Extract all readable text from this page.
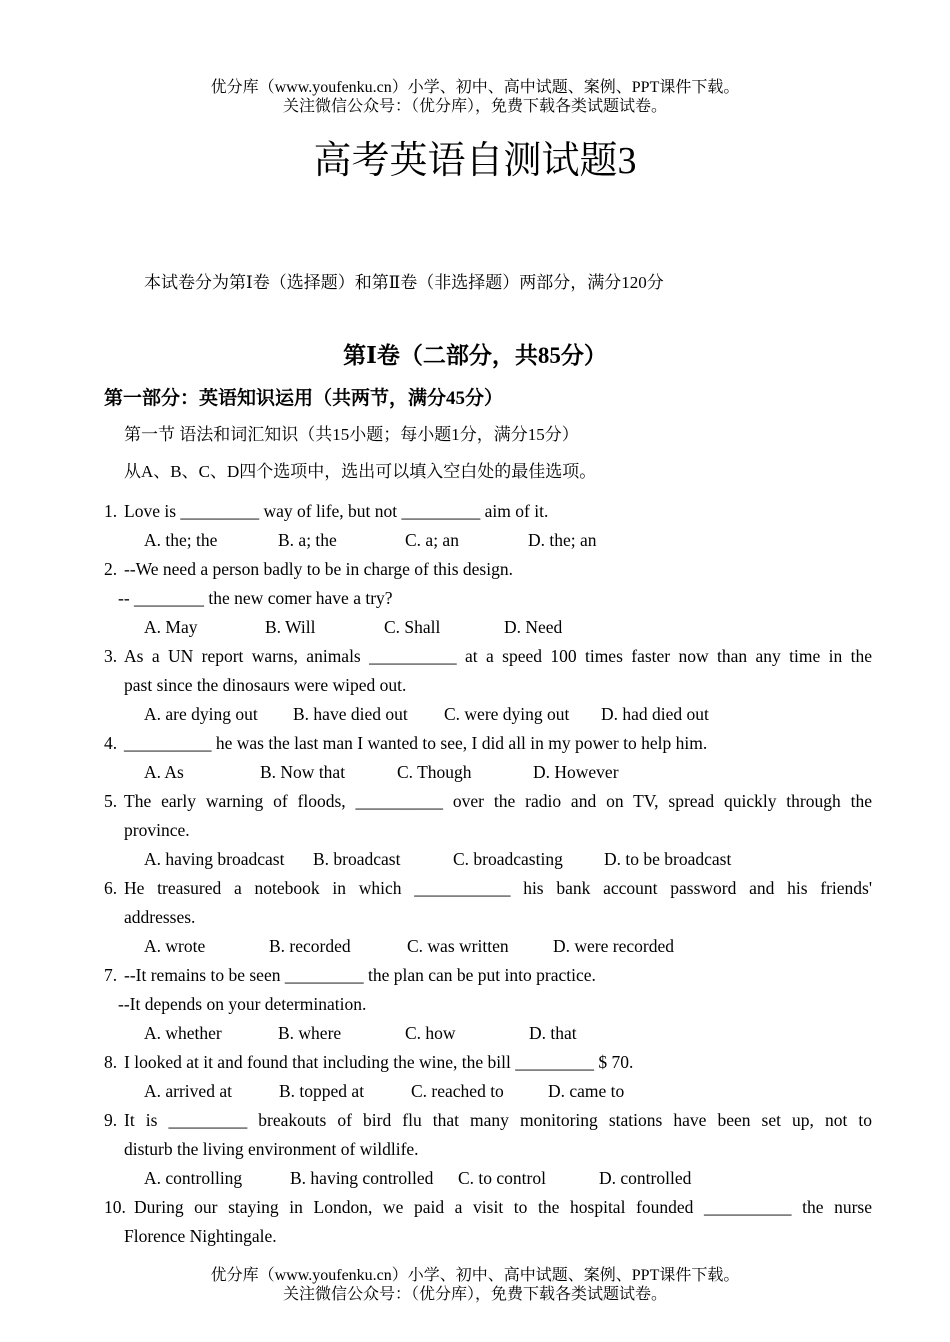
优分库（www.youfenku.cn）小学、初中、高中试题、案例、PPT课件下载。
关注微信公众号：（优分库），免费下载各类试题试卷。
高考英语自测试题3
本试卷分为第Ⅰ卷（选择题）和第Ⅱ卷（非选择题）两部分，满分120分
第Ⅰ卷（二部分，共85分）
第一部分：英语知识运用（共两节，满分45分）
第一节 语法和词汇知识（共15小题；每小题1分，满分15分）
从A、B、C、D四个选项中，选出可以填入空白处的最佳选项。
1. Love is _________ way of life, but not _________ aim of it.
A. the; the	B. a; the	C. a; an	D. the; an
2. --We need a person badly to be in charge of this design.
-- ________ the new comer have a try?
A. May	B. Will	C. Shall	D. Need
3. As a UN report warns, animals __________ at a speed 100 times faster now than any time in the
past since the dinosaurs were wiped out.
A. are dying out B. have died out C. were dying out D. had died out
4. __________ he was the last man I wanted to see, I did all in my power to help him.
A. As	B. Now that	C. Though	D. However
5. The early warning of floods, __________ over the radio and on TV, spread quickly through the
province.
A. having broadcast B. broadcast	C. broadcasting D. to be broadcast
6. He treasured a notebook in which ___________ his bank account password and his friends'
addresses.
A. wrote	B. recorded	C. was written	D. were recorded
7. --It remains to be seen _________ the plan can be put into practice.
--It depends on your determination.
A. whether	B. where	C. how	D. that
8. I looked at it and found that including the wine, the bill _________ $ 70.
A. arrived at	B. topped at	C. reached to	D. came to
9. It is _________ breakouts of bird flu that many monitoring stations have been set up, not to
disturb the living environment of wildlife.
A. controlling	B. having controlled C. to control	D. controlled
10. During our staying in London, we paid a visit to the hospital founded __________ the nurse
Florence Nightingale.
优分库（www.youfenku.cn）小学、初中、高中试题、案例、PPT课件下载。
关注微信公众号：（优分库），免费下载各类试题试卷。
